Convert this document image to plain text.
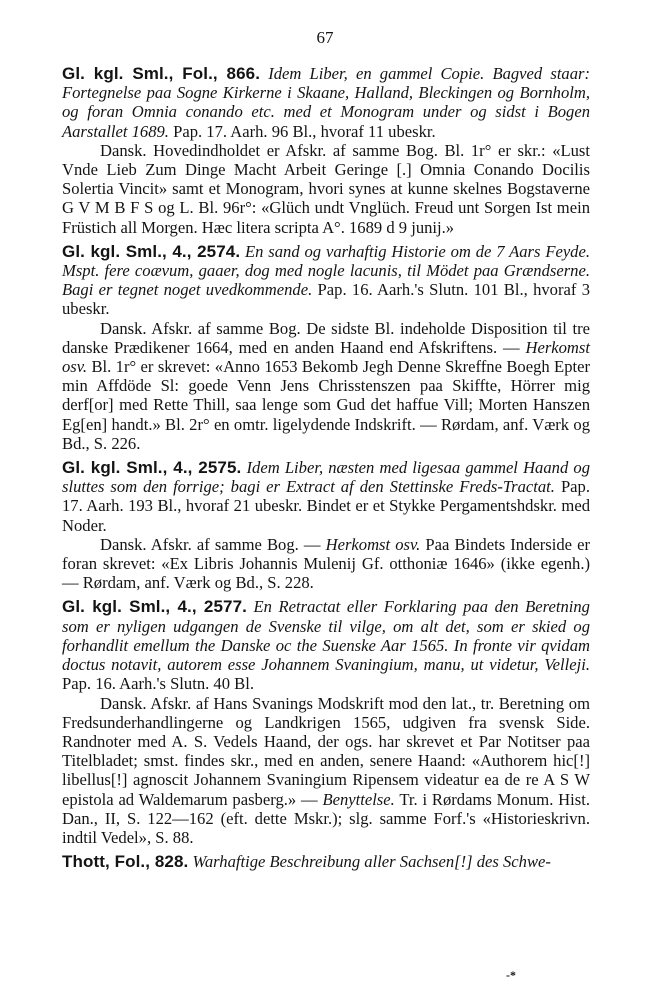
67

Gl. kgl. Sml., Fol., 866. Idem Liber, en gammel Copie. Bagved staar: Fortegnelse paa Sogne Kirkerne i Skaane, Halland, Bleckingen og Bornholm, og foran Omnia conando etc. med et Monogram under og sidst i Bogen Aarstallet 1689. Pap. 17. Aarh. 96 Bl., hvoraf 11 ubeskr.

Dansk. Hovedindholdet er Afskr. af samme Bog. Bl. 1r° er skr.: «Lust Vnde Lieb Zum Dinge Macht Arbeit Geringe [.] Omnia Conando Docilis Solertia Vincit» samt et Monogram, hvori synes at kunne skelnes Bogstaverne G V M B F S og L. Bl. 96r°: «Glüch undt Vnglüch. Freud unt Sorgen Ist mein Früstich all Morgen. Hæc litera scripta A°. 1689 d 9 junij.»

Gl. kgl. Sml., 4., 2574. En sand og varhaftig Historie om de 7 Aars Feyde. Mspt. fere coævum, gaaer, dog med nogle lacunis, til Mödet paa Grændserne. Bagi er tegnet noget uvedkommende. Pap. 16. Aarh.'s Slutn. 101 Bl., hvoraf 3 ubeskr.

Dansk. Afskr. af samme Bog. De sidste Bl. indeholde Disposition til tre danske Prædikener 1664, med en anden Haand end Afskriftens. — Herkomst osv. Bl. 1r° er skrevet: «Anno 1653 Bekomb Jegh Denne Skreffne Boegh Epter min Affdöde Sl: goede Venn Jens Chrisstenszen paa Skiffte, Hörrer mig derf[or] med Rette Thill, saa lenge som Gud det haffue Vill; Morten Hanszen Eg[en] handt.» Bl. 2r° en omtr. ligelydende Indskrift. — Rørdam, anf. Værk og Bd., S. 226.

Gl. kgl. Sml., 4., 2575. Idem Liber, næsten med ligesaa gammel Haand og sluttes som den forrige; bagi er Extract af den Stettinske Freds-Tractat. Pap. 17. Aarh. 193 Bl., hvoraf 21 ubeskr. Bindet er et Stykke Pergamentshdskr. med Noder.

Dansk. Afskr. af samme Bog. — Herkomst osv. Paa Bindets Inderside er foran skrevet: «Ex Libris Johannis Mulenij Gf. otthoniæ 1646» (ikke egenh.) — Rørdam, anf. Værk og Bd., S. 228.

Gl. kgl. Sml., 4., 2577. En Retractat eller Forklaring paa den Beretning som er nyligen udgangen de Svenske til vilge, om alt det, som er skied og forhandlit emellum the Danske oc the Suenske Aar 1565. In fronte vir qvidam doctus notavit, autorem esse Johannem Svaningium, manu, ut videtur, Velleji. Pap. 16. Aarh.'s Slutn. 40 Bl.

Dansk. Afskr. af Hans Svanings Modskrift mod den lat., tr. Beretning om Fredsunderhandlingerne og Landkrigen 1565, udgiven fra svensk Side. Randnoter med A. S. Vedels Haand, der ogs. har skrevet et Par Notitser paa Titelbladet; smst. findes skr., med en anden, senere Haand: «Authorem hic[!] libellus[!] agnoscit Johannem Svaningium Ripensem videatur ea de re A S W epistola ad Waldemarum pasberg.» — Benyttelse. Tr. i Rørdams Monum. Hist. Dan., II, S. 122—162 (eft. dette Mskr.); slg. samme Forf.'s «Historieskrivn. indtil Vedel», S. 88.

Thott, Fol., 828. Warhaftige Beschreibung aller Sachsen[!] des Schwe-

-*
